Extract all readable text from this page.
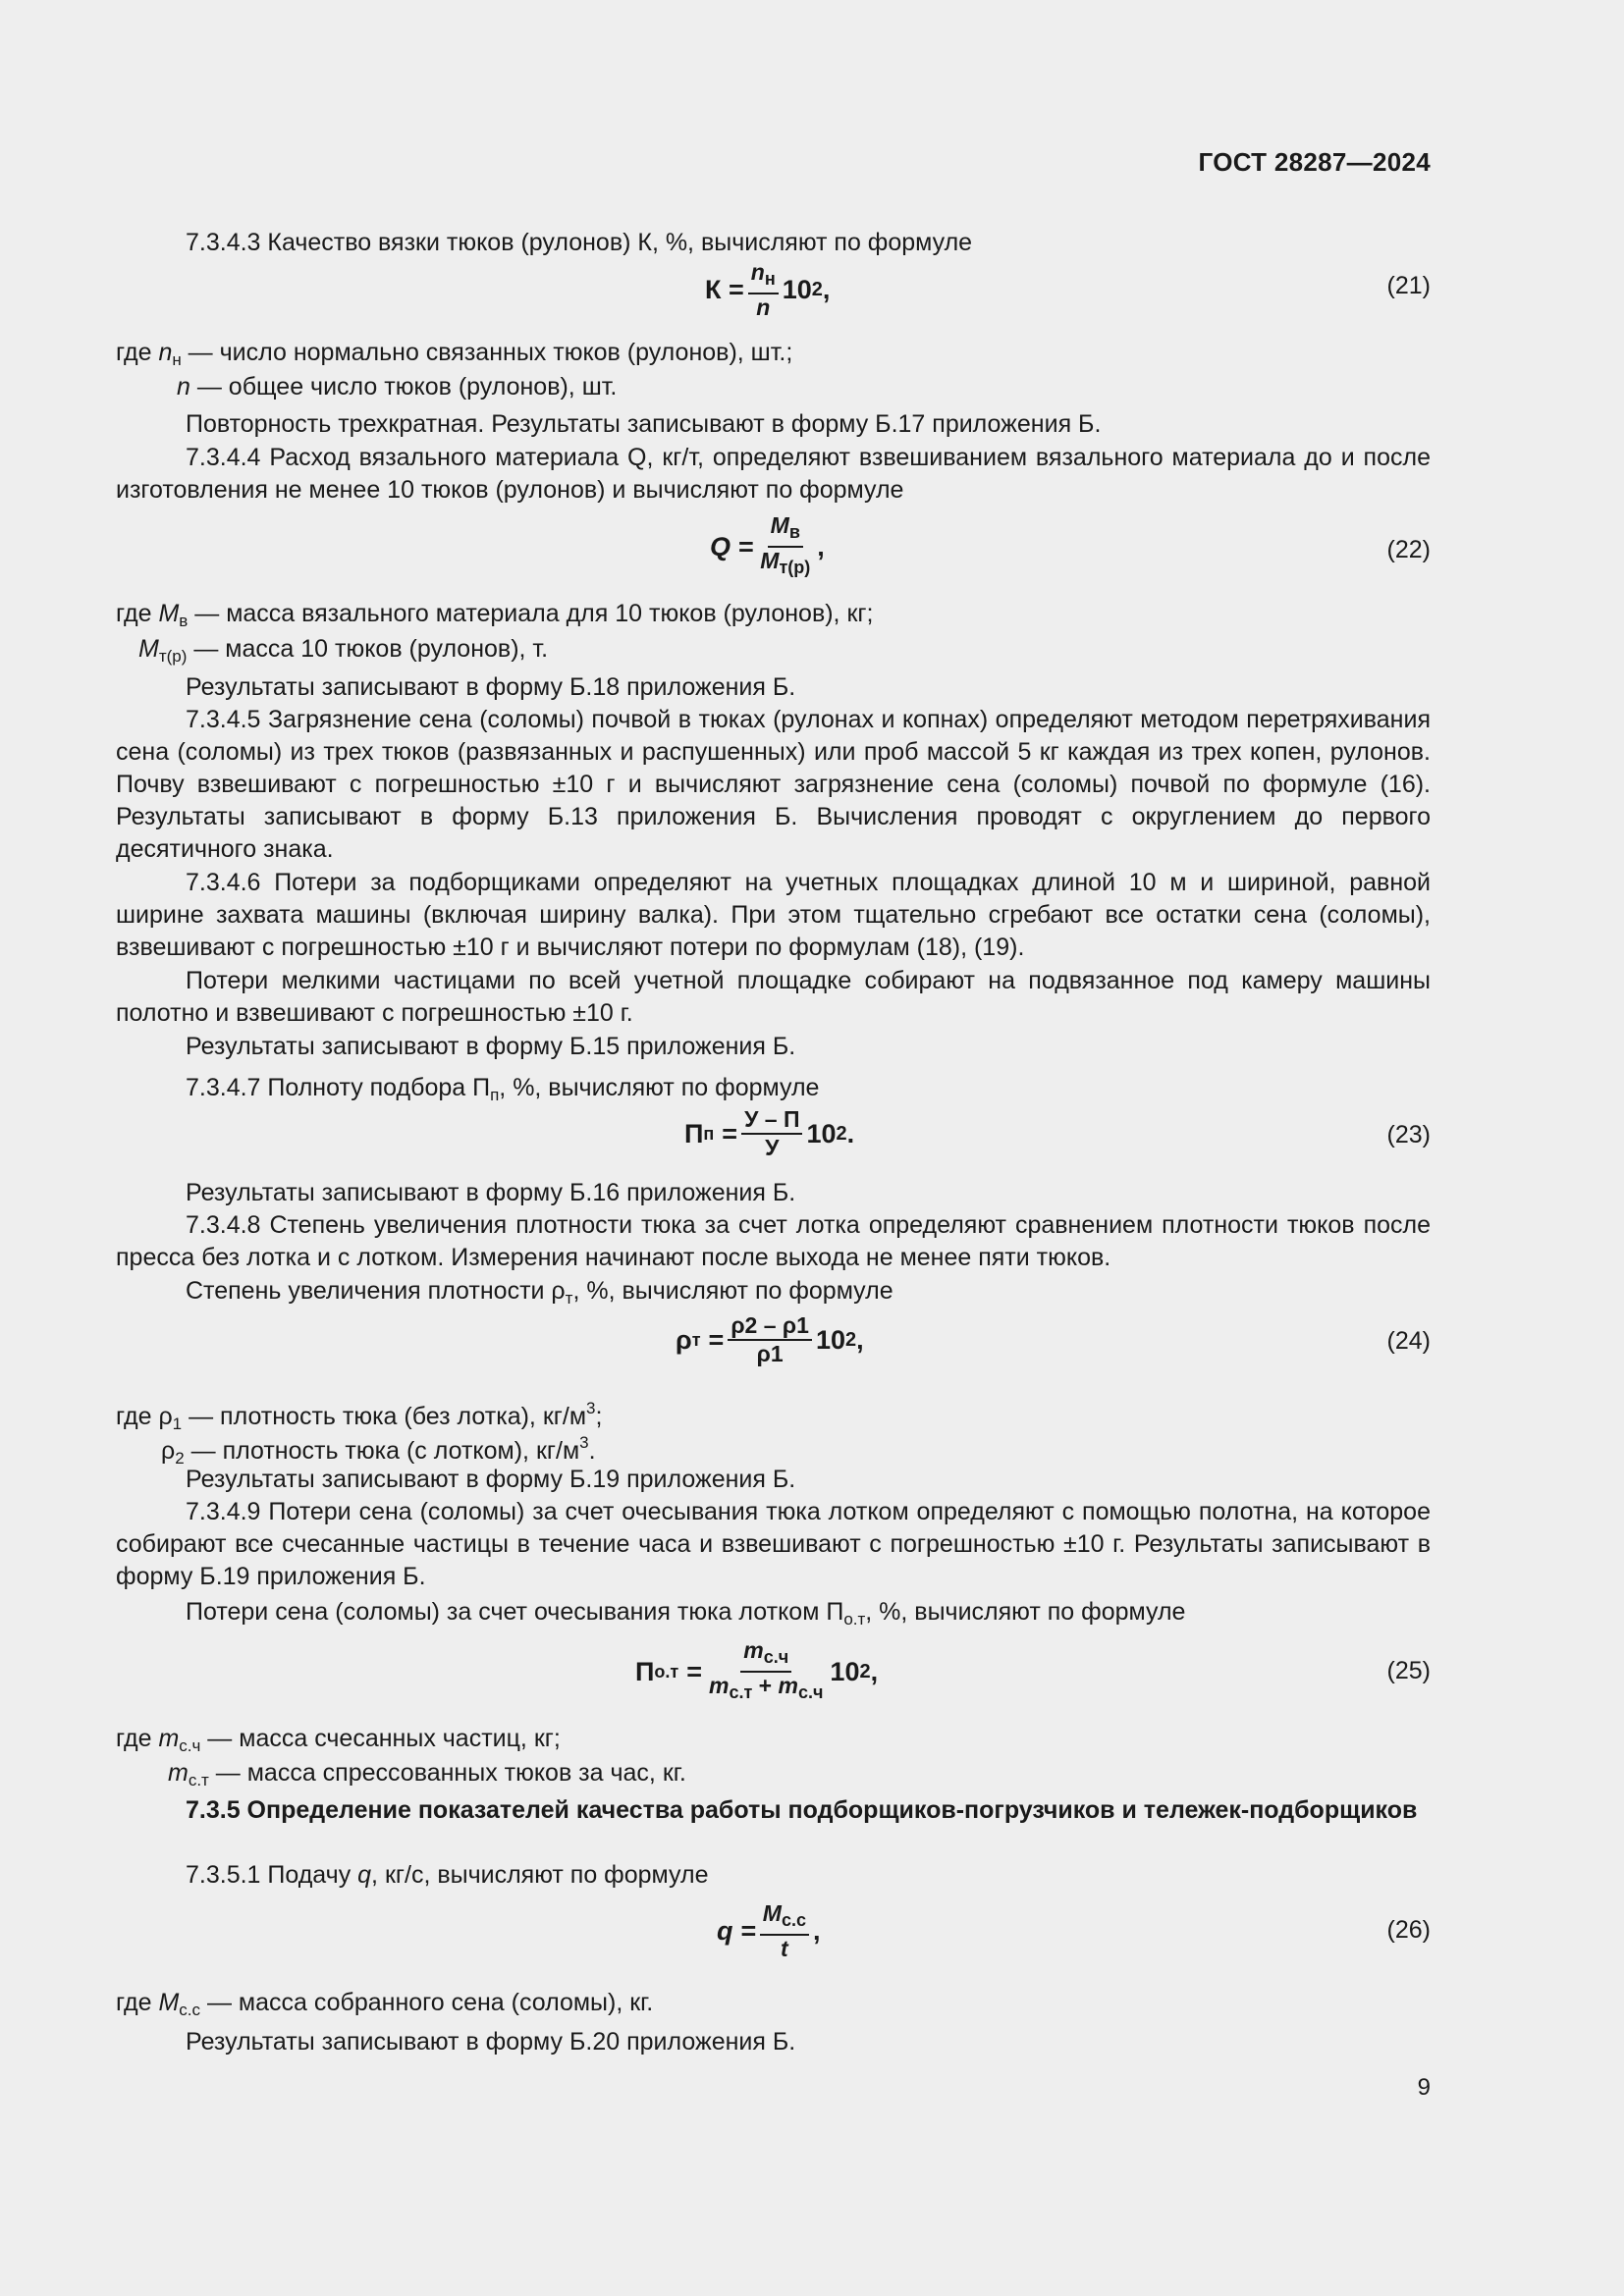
ГОСТ 28287—2024

7.3.4.3 Качество вязки тюков (рулонов) К, %, вычисляют по формуле

$К = \frac{n_н}{n} 10$ 2 ,	(21)
где $n_н$ — число нормально связанных тюков (рулонов), шт.;
n — общее число тюков (рулонов), шт.

Повторность трехкратная. Результаты записывают в форму Б.17 приложения Б.

7.3.4.4 Расход вязального материала Q, кг/т, определяют взвешиванием вязального материала до и после изготовления не менее 10 тюков (рулонов) и вычисляют по формуле

$Q = \frac{M_в}{M_{т(р)}}$ ,	(22)
где $M_в$ — масса вязального материала для 10 тюков (рулонов), кг;
$M_{т(р)}$ — масса 10 тюков (рулонов), т.

Результаты записывают в форму Б.18 приложения Б.

7.3.4.5 Загрязнение сена (соломы) почвой в тюках (рулонах и копнах) определяют методом перетряхивания сена (соломы) из трех тюков (развязанных и распушенных) или проб массой 5 кг каждая из трех копен, рулонов. Почву взвешивают с погрешностью ±10 г и вычисляют загрязнение сена (соломы) почвой по формуле (16). Результаты записывают в форму Б.13 приложения Б. Вычисления проводят с округлением до первого десятичного знака.

7.3.4.6 Потери за подборщиками определяют на учетных площадках длиной 10 м и шириной, равной ширине захвата машины (включая ширину валка). При этом тщательно сгребают все остатки сена (соломы), взвешивают с погрешностью ±10 г и вычисляют потери по формулам (18), (19).

Потери мелкими частицами по всей учетной площадке собирают на подвязанное под камеру машины полотно и взвешивают с погрешностью ±10 г.

Результаты записывают в форму Б.15 приложения Б.

7.3.4.7 Полноту подбора $П_п$, %, вычисляют по формуле
П $п = \frac{У - П}{У} 10$ 2 .	(23)

Результаты записывают в форму Б.16 приложения Б.

7.3.4.8 Степень увеличения плотности тюка за счет лотка определяют сравнением плотности тюков после пресса без лотка и с лотком. Измерения начинают после выхода не менее пяти тюков.

Степень увеличения плотности $\rho_т$, %, вычисляют по формуле
ρ $т = \frac{\rho 2 - \rho 1}{\rho 1} 10$ 2 ,	(24)
где $\rho_1$ — плотность тюка (без лотка), $кг/м^3$;
$\rho_2$ — плотность тюка (с лотком), $кг/м^3$.

Результаты записывают в форму Б.19 приложения Б.

7.3.4.9 Потери сена (соломы) за счет очесывания тюка лотком определяют с помощью полотна, на которое собирают все счесанные частицы в течение часа и взвешивают с погрешностью ±10 г. Результаты записывают в форму Б.19 приложения Б.

Потери сена (соломы) за счет очесывания тюка лотком $П_{о.т}$, %, вычисляют по формуле
П $о.т = \frac{m_{с.ч}}{m_{с.т} + m_{с.ч}} 10$ 2 ,	(25)
где $m_{с.ч}$ — масса счесанных частиц, кг;
$m_{с.т}$ — масса спрессованных тюков за час, кг.

7.3.5 Определение показателей качества работы подборщиков-погрузчиков и тележек-подборщиков

7.3.5.1 Подачу q, кг/с, вычисляют по формуле
$q = \frac{M_{с.с}}{t}$ ,	(26)
где $M_{с.с}$ — масса собранного сена (соломы), кг.

Результаты записывают в форму Б.20 приложения Б.

9
